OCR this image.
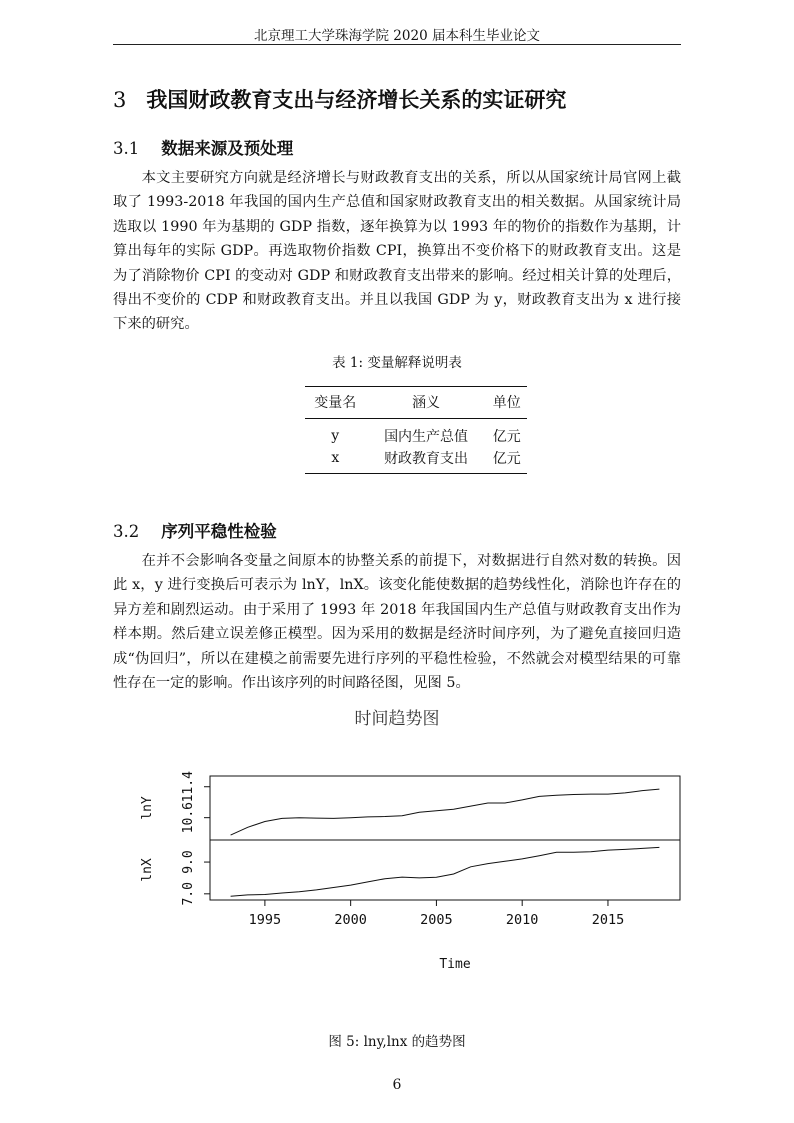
北京理工大学珠海学院 2020 届本科生毕业论文
3 我国财政教育支出与经济增长关系的实证研究
3.1 数据来源及预处理

本文主要研究方向就是经济增长与财政教育支出的关系，所以从国家统计局官网上截取了 1993-2018 年我国的国内生产总值和国家财政教育支出的相关数据。从国家统计局选取以 1990 年为基期的 GDP 指数，逐年换算为以 1993 年的物价的指数作为基期，计算出每年的实际 GDP。再选取物价指数 CPI，换算出不变价格下的财政教育支出。这是为了消除物价 CPI 的变动对 GDP 和财政教育支出带来的影响。经过相关计算的处理后，得出不变价的 CDP 和财政教育支出。并且以我国 GDP 为 y，财政教育支出为 x 进行接下来的研究。

表 1: 变量解释说明表
变量名	涵义	单位
y	国内生产总值	亿元
x	财政教育支出	亿元
3.2 序列平稳性检验

在并不会影响各变量之间原本的协整关系的前提下，对数据进行自然对数的转换。因此 x，y 进行变换后可表示为 lnY，lnX。该变化能使数据的趋势线性化，消除也许存在的异方差和剧烈运动。由于采用了 1993 年 2018 年我国国内生产总值与财政教育支出作为样本期。然后建立误差修正模型。因为采用的数据是经济时间序列，为了避免直接回归造成“伪回归”，所以在建模之前需要先进行序列的平稳性检验，不然就会对模型结果的可靠性存在一定的影响。作出该序列的时间路径图，见图 5。

时间趋势图
10.6
11.4
lnY
7.0
9.0
lnX
1995	2000	2005	2010	2015
Time
图 5: lny,lnx 的趋势图
6
